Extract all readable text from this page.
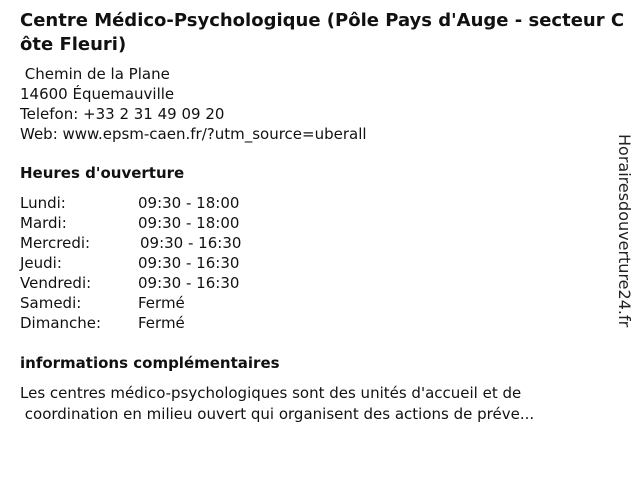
Centre Médico-Psychologique (Pôle Pays d'Auge - secteur Côte Fleuri)
Chemin de la Plane
14600 Équemauville
Telefon: +33 2 31 49 09 20
Web: www.epsm-caen.fr/?utm_source=uberall
Heures d'ouverture
Lundi:	09:30 - 18:00
Mardi:	09:30 - 18:00
Mercredi:	09:30 - 16:30
Jeudi:	09:30 - 16:30
Vendredi:	09:30 - 16:30
Samedi:	Fermé
Dimanche: Fermé
informations complémentaires
Les centres médico-psychologiques sont des unités d'accueil et de
coordination en milieu ouvert qui organisent des actions de préve...
Horairesdouverture24.fr
